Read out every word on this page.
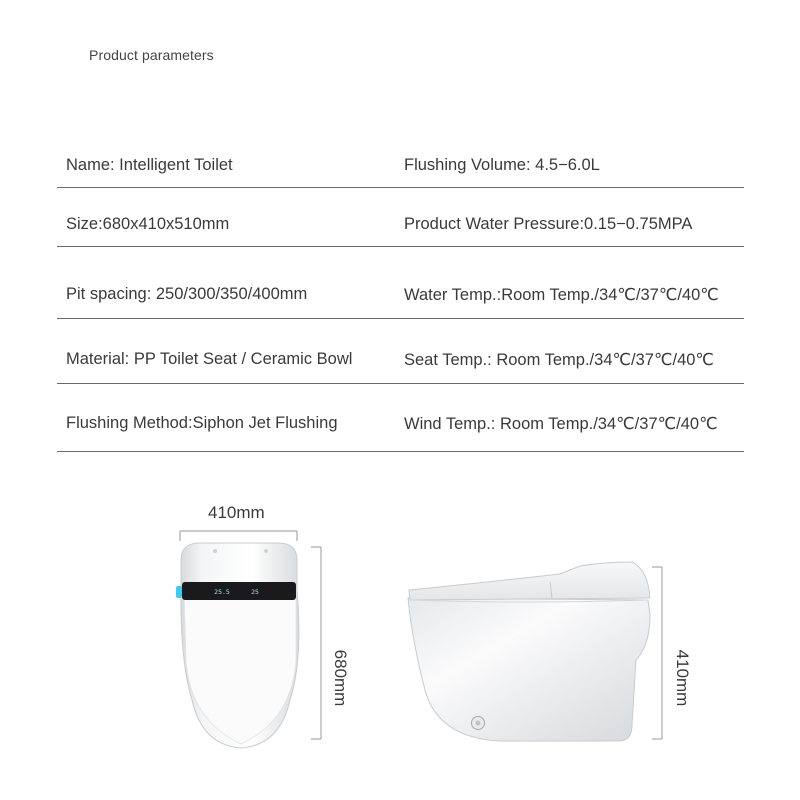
Product parameters
Name: Intelligent Toilet	Flushing Volume: 4.5−6.0L
Size:680x410x510mm	Product Water Pressure:0.15−0.75MPA
Pit spacing: 250/300/350/400mm	Water Temp.:Room Temp./34℃/37℃/40℃
Material: PP Toilet Seat / Ceramic Bowl	Seat Temp.: Room Temp./34℃/37℃/40℃
Flushing Method:Siphon Jet Flushing	Wind Temp.: Room Temp./34℃/37℃/40℃
25.5	25
410mm
680mm	410mm
